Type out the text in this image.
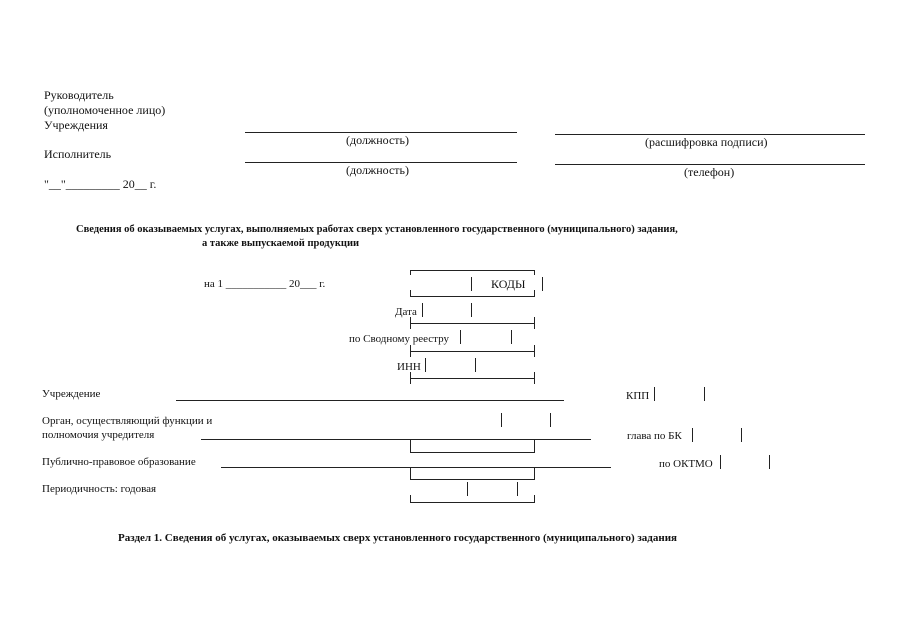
Руководитель
(уполномоченное лицо)
Учреждения
(должность)	(расшифровка подписи)
Исполнитель
(должность)	(телефон)
"__"_________ 20__ г.
Сведения об оказываемых услугах, выполняемых работах сверх установленного государственного (муниципального) задания,
а также выпускаемой продукции
на 1 ___________ 20___ г.	КОДЫ
Дата
по Сводному реестру
ИНН
Учреждение	КПП
Орган, осуществляющий функции и
полномочия учредителя	глава по БК
Публично-правовое образование	по ОКТМО
Периодичность: годовая
Раздел 1. Сведения об услугах, оказываемых сверх установленного государственного (муниципального) задания
